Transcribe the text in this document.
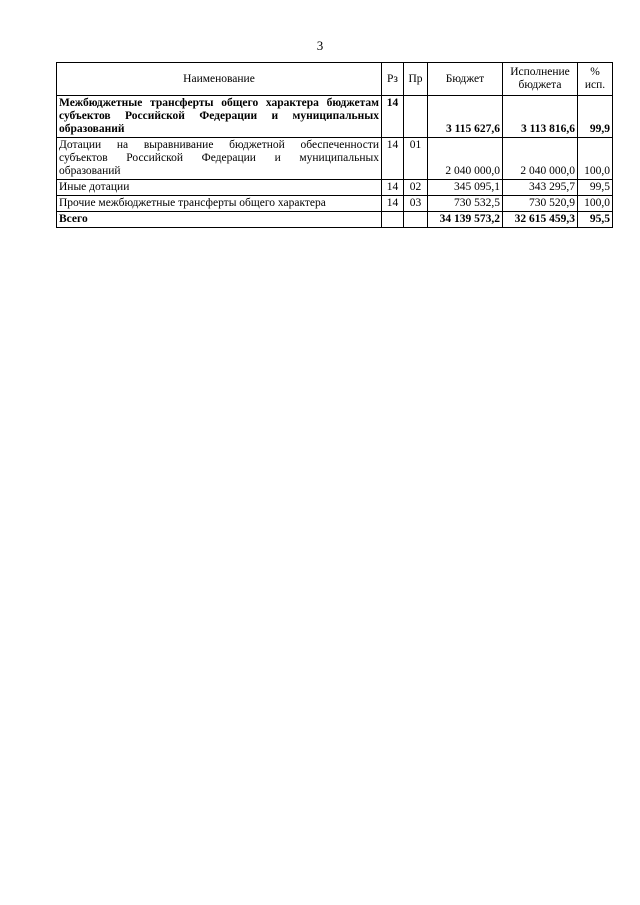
3
Наименование	Рз	Пр	Бюджет	Исполнение бюджета	% исп.
Межбюджетные трансферты общего характера бюджетам субъектов Российской Федерации и муниципальных образований	14		3 115 627,6	3 113 816,6	99,9
Дотации на выравнивание бюджетной обеспеченности субъектов Российской Федерации и муниципальных образований	14	01	2 040 000,0	2 040 000,0	100,0
Иные дотации	14	02	345 095,1	343 295,7	99,5
Прочие межбюджетные трансферты общего характера	14	03	730 532,5	730 520,9	100,0
Всего			34 139 573,2	32 615 459,3	95,5
